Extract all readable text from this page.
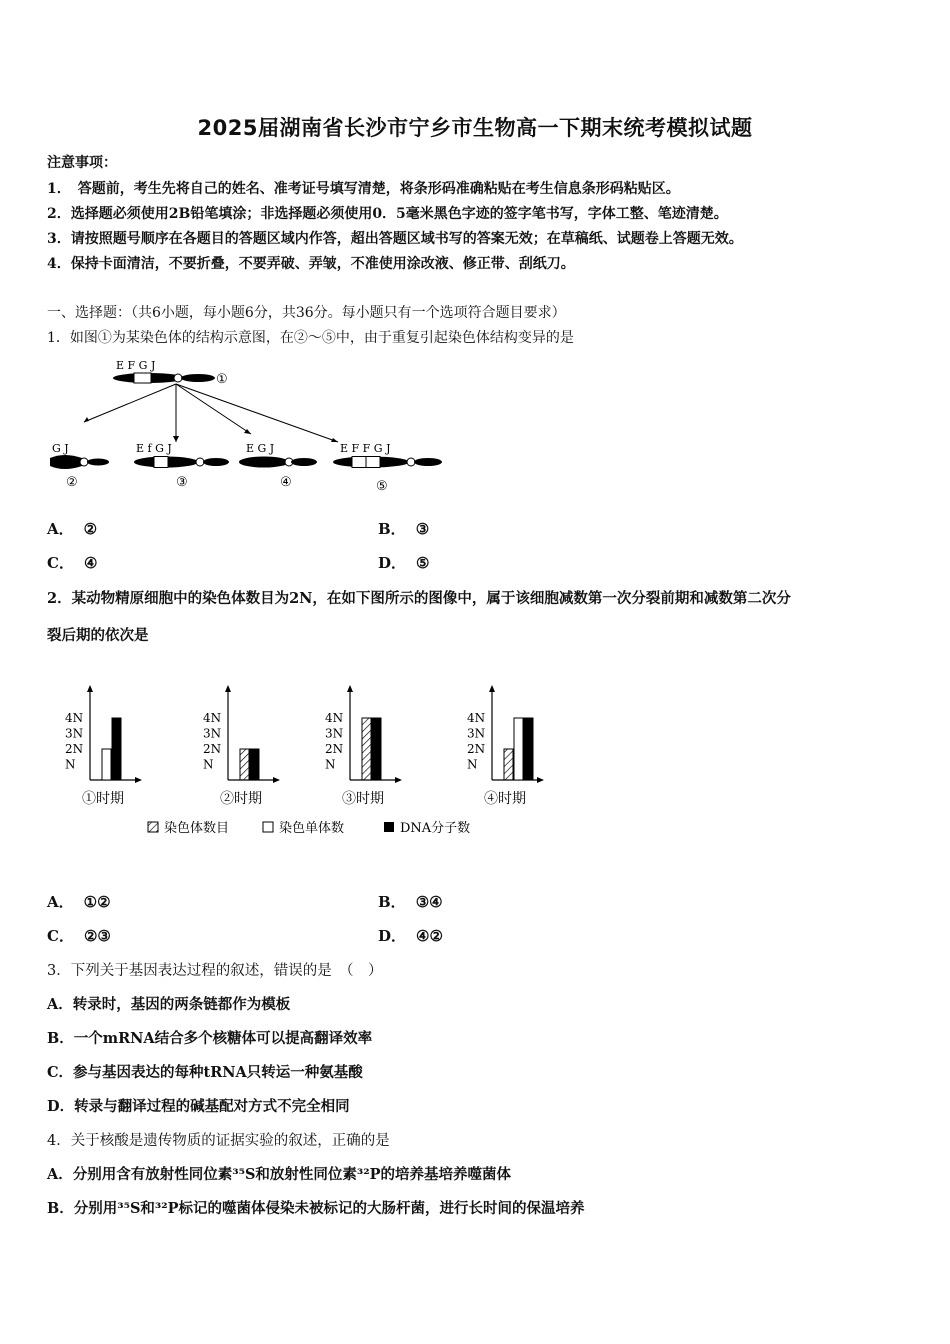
2025届湖南省长沙市宁乡市生物高一下期末统考模拟试题
注意事项：
1．　答题前，考生先将自己的姓名、准考证号填写清楚，将条形码准确粘贴在考生信息条形码粘贴区。
2．选择题必须使用2B铅笔填涂；非选择题必须使用0．5毫米黑色字迹的签字笔书写，字体工整、笔迹清楚。
3．请按照题号顺序在各题目的答题区域内作答，超出答题区域书写的答案无效；在草稿纸、试题卷上答题无效。
4．保持卡面清洁，不要折叠，不要弄破、弄皱，不准使用涂改液、修正带、刮纸刀。
一、选择题：（共6小题，每小题6分，共36分。每小题只有一个选项符合题目要求）
1．如图①为某染色体的结构示意图，在②～⑤中，由于重复引起染色体结构变异的是
E F G J
①
G J
②
E f G J
③
E G J
④
E F F G J
⑤
A． ②	B． ③
C． ④	D． ⑤
2．某动物精原细胞中的染色体数目为2N，在如下图所示的图像中，属于该细胞减数第一次分裂前期和减数第二次分
裂后期的依次是
4N
3N
2N
N
①时期
4N
3N
2N
N
②时期
4N
3N
2N
N
③时期
4N
3N
2N
N
④时期
染色体数目	染色单体数	DNA分子数
A． ①②	B． ③④
C． ②③	D． ④②
3．下列关于基因表达过程的叙述，错误的是　（　）
A．转录时，基因的两条链都作为模板
B．一个mRNA结合多个核糖体可以提高翻译效率
C．参与基因表达的每种tRNA只转运一种氨基酸
D．转录与翻译过程的碱基配对方式不完全相同
4．关于核酸是遗传物质的证据实验的叙述，正确的是
A．分别用含有放射性同位素³⁵S和放射性同位素³²P的培养基培养噬菌体
B．分别用³⁵S和³²P标记的噬菌体侵染未被标记的大肠杆菌，进行长时间的保温培养
